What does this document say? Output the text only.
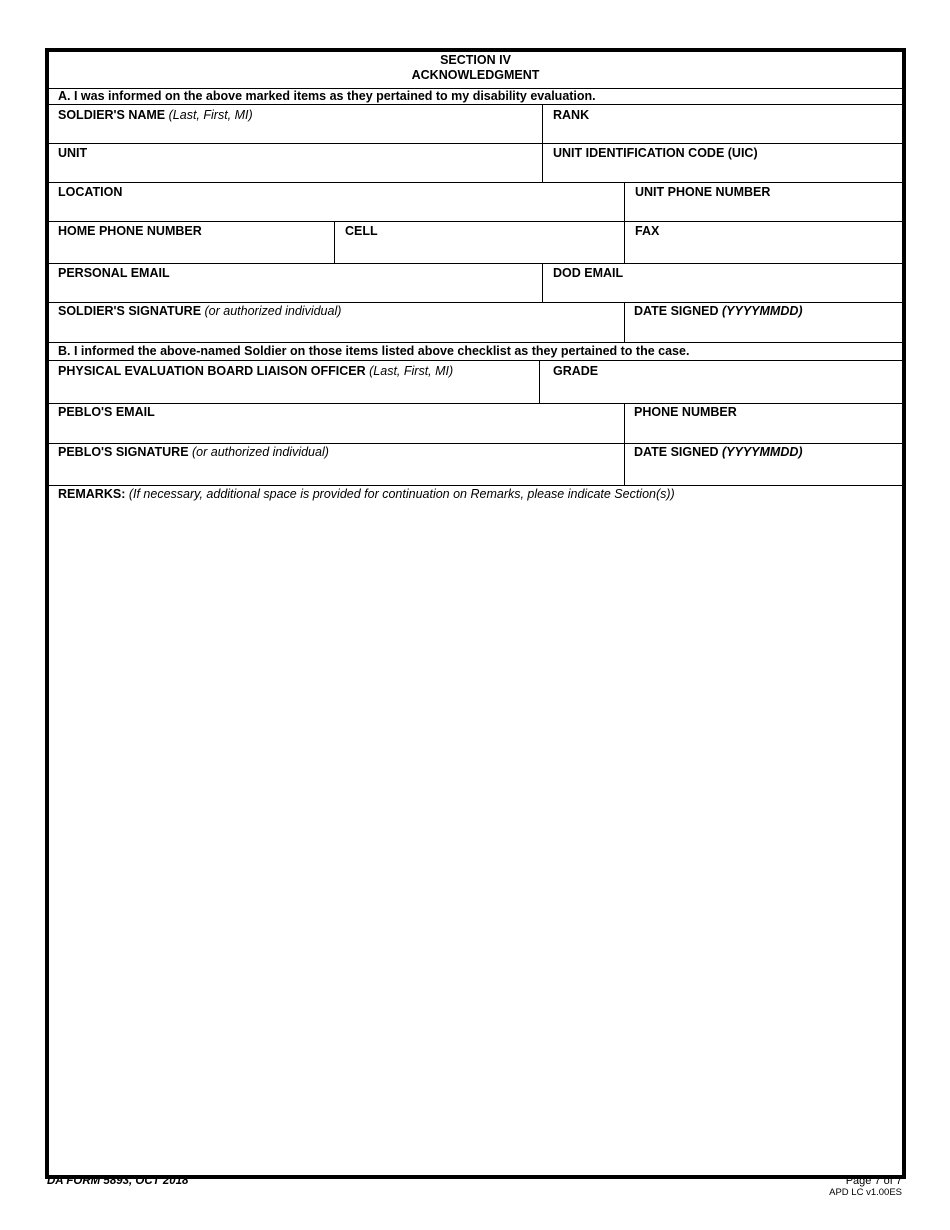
SECTION IV
ACKNOWLEDGMENT
A. I was informed on the above marked items as they pertained to my disability evaluation.
SOLDIER'S NAME (Last, First, MI)	RANK
UNIT	UNIT IDENTIFICATION CODE (UIC)
LOCATION	UNIT PHONE NUMBER
HOME PHONE NUMBER	CELL	FAX
PERSONAL EMAIL	DOD EMAIL
SOLDIER'S SIGNATURE (or authorized individual)	DATE SIGNED (YYYYMMDD)
B. I informed the above-named Soldier on those items listed above checklist as they pertained to the case.
PHYSICAL EVALUATION BOARD LIAISON OFFICER (Last, First, MI)	GRADE
PEBLO'S EMAIL	PHONE NUMBER
PEBLO'S SIGNATURE (or authorized individual)	DATE SIGNED (YYYYMMDD)
REMARKS: (If necessary, additional space is provided for continuation on Remarks, please indicate Section(s))
DA FORM 5893, OCT 2018	Page 7 of 7
APD LC v1.00ES
